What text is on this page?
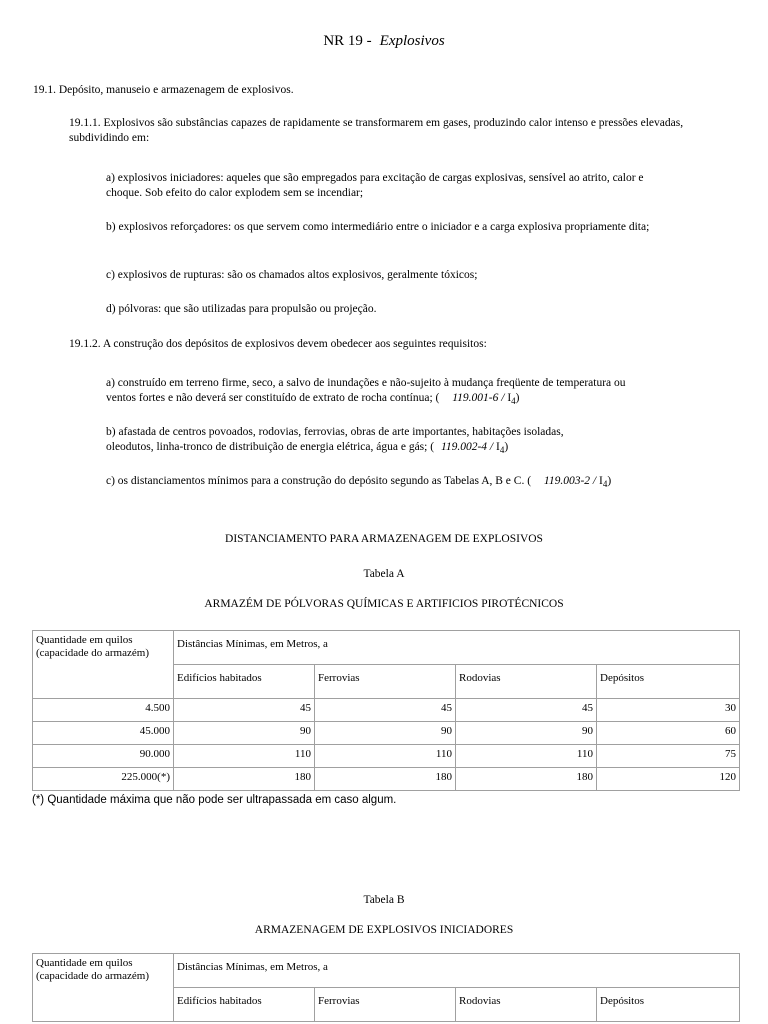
NR 19 - Explosivos

19.1. Depósito, manuseio e armazenagem de explosivos.

19.1.1. Explosivos são substâncias capazes de rapidamente se transformarem em gases, produzindo calor intenso e pressões elevadas, subdividindo em:

a) explosivos iniciadores: aqueles que são empregados para excitação de cargas explosivas, sensível ao atrito, calor e choque. Sob efeito do calor explodem sem se incendiar;

b) explosivos reforçadores: os que servem como intermediário entre o iniciador e a carga explosiva propriamente dita;

c) explosivos de rupturas: são os chamados altos explosivos, geralmente tóxicos;

d) pólvoras: que são utilizadas para propulsão ou projeção.

19.1.2. A construção dos depósitos de explosivos devem obedecer aos seguintes requisitos:

a) construído em terreno firme, seco, a salvo de inundações e não-sujeito à mudança freqüente de temperatura ou ventos fortes e não deverá ser constituído de extrato de rocha contínua; ( $119.001-6 / I_4$)

b) afastada de centros povoados, rodovias, ferrovias, obras de arte importantes, habitações isoladas, oleodutos, linha-tronco de distribuição de energia elétrica, água e gás; ( $119.002-4 / I_4$)

c) os distanciamentos mínimos para a construção do depósito segundo as Tabelas A, B e C. ( $119.003-2 / I_4$)

DISTANCIAMENTO PARA ARMAZENAGEM DE EXPLOSIVOS

Tabela A

ARMAZÉM DE PÓLVORAS QUÍMICAS E ARTIFICIOS PIROTÉCNICOS

Quantidade em quilos (capacidade do armazém)	Distâncias Mínimas, em Metros, a			
	Edifícios habitados	Ferrovias	Rodovias	Depósitos
4.500	45	45	45	30
45.000	90	90	90	60
90.000	110	110	110	75
225.000(*)	180	180	180	120

(*) Quantidade máxima que não pode ser ultrapassada em caso algum.

Tabela B

ARMAZENAGEM DE EXPLOSIVOS INICIADORES

Quantidade em quilos (capacidade do armazém)	Distâncias Mínimas, em Metros, a			
	Edifícios habitados	Ferrovias	Rodovias	Depósitos
